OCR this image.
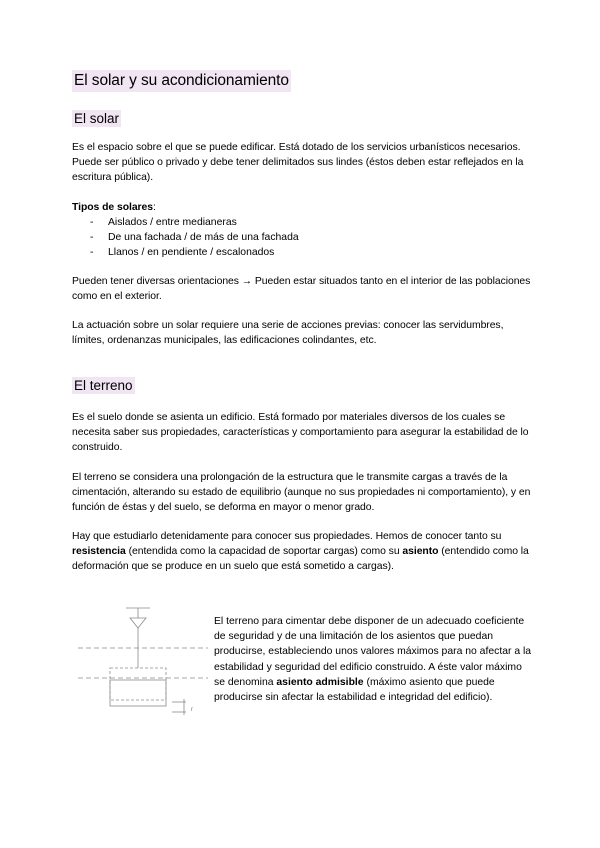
El solar y su acondicionamiento
El solar
Es el espacio sobre el que se puede edificar. Está dotado de los servicios urbanísticos necesarios. Puede ser público o privado y debe tener delimitados sus lindes (éstos deben estar reflejados en la escritura pública).
Tipos de solares:
- Aislados / entre medianeras
- De una fachada / de más de una fachada
- Llanos / en pendiente / escalonados
Pueden tener diversas orientaciones → Pueden estar situados tanto en el interior de las poblaciones como en el exterior.
La actuación sobre un solar requiere una serie de acciones previas: conocer las servidumbres, límites, ordenanzas municipales, las edificaciones colindantes, etc.
El terreno
Es el suelo donde se asienta un edificio. Está formado por materiales diversos de los cuales se necesita saber sus propiedades, características y comportamiento para asegurar la estabilidad de lo construido.
El terreno se considera una prolongación de la estructura que le transmite cargas a través de la cimentación, alterando su estado de equilibrio (aunque no sus propiedades ni comportamiento), y en función de éstas y del suelo, se deforma en mayor o menor grado.
Hay que estudiarlo detenidamente para conocer sus propiedades. Hemos de conocer tanto su resistencia (entendida como la capacidad de soportar cargas) como su asiento (entendido como la deformación que se produce en un suelo que está sometido a cargas).
r
El terreno para cimentar debe disponer de un adecuado coeficiente de seguridad y de una limitación de los asientos que puedan producirse, estableciendo unos valores máximos para no afectar a la estabilidad y seguridad del edificio construido. A éste valor máximo se denomina asiento admisible (máximo asiento que puede producirse sin afectar la estabilidad e integridad del edificio).
